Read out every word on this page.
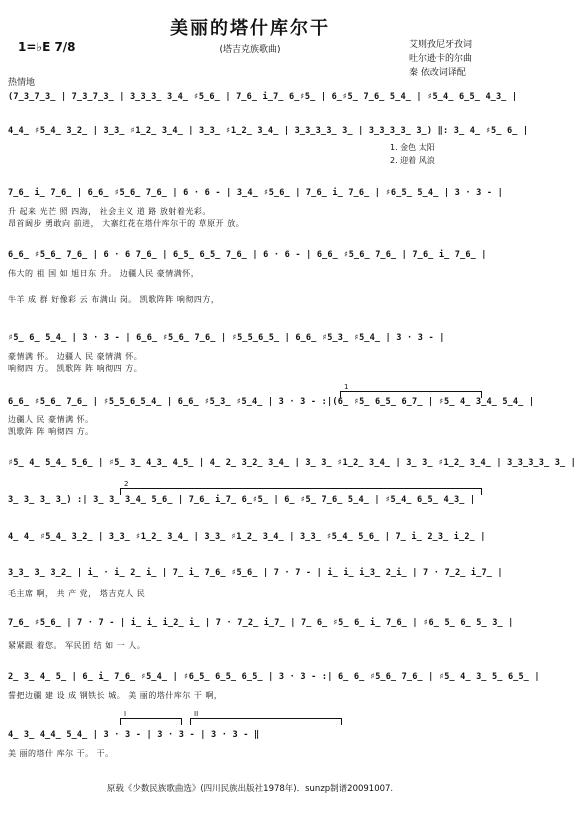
美丽的塔什库尔干
(塔吉克族歌曲)
1=♭E 7/8	艾则孜尼牙孜词
吐尔逊卡的尔曲
秦 依改词译配
热情地
(7̲3̲7̲3̲ | 7̲3̲7̲3̲ | 3̲3̲3̲ 3̲4̲ ♯5̲6̲ | 7̲6̲ i̲7̲ 6̲♯5̲ | 6̲♯5̲ 7̲6̲ 5̲4̲ | ♯5̲4̲ 6̲5̲ 4̲3̲ |
4̲4̲ ♯5̲4̲ 3̲2̲ | 3̲3̲ ♯1̲2̲ 3̲4̲ | 3̲3̲ ♯1̲2̲ 3̲4̲ | 3̲3̲3̲3̲ 3̲ | 3̲3̲3̲3̲ 3̲) ‖: 3̲ 4̲ ♯5̲ 6̲ |
1. 金色 太阳
2. 迎着 风浪
7̲6̲ i̲ 7̲6̲ | 6̲6̲ ♯5̲6̲ 7̲6̲ | 6 · 6 - | 3̲4̲ ♯5̲6̲ | 7̲6̲ i̲ 7̲6̲ | ♯6̲5̲ 5̲4̲ | 3 · 3 - |
升 起来 光芒 照 四海， 社会主义 道 路 放射着光彩。
昂首阔步 勇敢向 前进， 大寨红花在塔什库尔干的 草原开 放。
6̲6̲ ♯5̲6̲ 7̲6̲ | 6 · 6 7̲6̲ | 6̲5̲ 6̲5̲ 7̲6̲ | 6 · 6 - | 6̲6̲ ♯5̲6̲ 7̲6̲ | 7̲6̲ i̲ 7̲6̲ |
伟大的 祖 国 如 旭日东 升。 边疆人民 豪情满怀，
牛羊 成 群 好像彩 云 布满山 岗。 凯歌阵阵 响彻四方，
♯5̲ 6̲ 5̲4̲ | 3 · 3 - | 6̲6̲ ♯5̲6̲ 7̲6̲ | ♯5̲5̲6̲5̲ | 6̲6̲ ♯5̲3̲ ♯5̲4̲ | 3 · 3 - |
豪情满 怀。 边疆人 民 豪情满 怀。
响彻四 方。 凯歌阵 阵 响彻四 方。
1
6̲6̲ ♯5̲6̲ 7̲6̲ | ♯5̲5̲6̲5̲4̲ | 6̲6̲ ♯5̲3̲ ♯5̲4̲ | 3 · 3 - :|(6̲ ♯5̲ 6̲5̲ 6̲7̲ | ♯5̲ 4̲ 3̲4̲ 5̲4̲ |
边疆人 民 豪情满 怀。
凯歌阵 阵 响彻四 方。
♯5̲ 4̲ 5̲4̲ 5̲6̲ | ♯5̲ 3̲ 4̲3̲ 4̲5̲ | 4̲ 2̲ 3̲2̲ 3̲4̲ | 3̲ 3̲ ♯1̲2̲ 3̲4̲ | 3̲ 3̲ ♯1̲2̲ 3̲4̲ | 3̲3̲3̲3̲ 3̲ |
2
3̲ 3̲ 3̲ 3̲) :| 3̲ 3̲ 3̲4̲ 5̲6̲ | 7̲6̲ i̲7̲ 6̲♯5̲ | 6̲ ♯5̲ 7̲6̲ 5̲4̲ | ♯5̲4̲ 6̲5̲ 4̲3̲ |
4̲ 4̲ ♯5̲4̲ 3̲2̲ | 3̲3̲ ♯1̲2̲ 3̲4̲ | 3̲3̲ ♯1̲2̲ 3̲4̲ | 3̲3̲ ♯5̲4̲ 5̲6̲ | 7̲ i̲ 2̲3̲ i̲2̲ |
3̲3̲ 3̲ 3̲2̲ | i̲ · i̲ 2̲ i̲ | 7̲ i̲ 7̲6̲ ♯5̲6̲ | 7 · 7 - | i̲ i̲ i̲3̲ 2̲i̲ | 7 · 7̲2̲ i̲7̲ |
毛主席 啊， 共 产 党， 塔吉克人 民
7̲6̲ ♯5̲6̲ | 7 · 7 - | i̲ i̲ i̲2̲ i̲ | 7 · 7̲2̲ i̲7̲ | 7̲ 6̲ ♯5̲ 6̲ i̲ 7̲6̲ | ♯6̲ 5̲ 6̲ 5̲ 3̲ |
紧紧跟 着您。 军民团 结 如 一 人。
2̲ 3̲ 4̲ 5̲ | 6̲ i̲ 7̲6̲ ♯5̲4̲ | ♯6̲5̲ 6̲5̲ 6̲5̲ | 3 · 3 - :| 6̲ 6̲ ♯5̲6̲ 7̲6̲ | ♯5̲ 4̲ 3̲ 5̲ 6̲5̲ |
誓把边疆 建 设 成 钢铁长 城。 美 丽的塔什库尔 干 啊，
I	II
4̲ 3̲ 4̲4̲ 5̲4̲ | 3 · 3 - | 3 · 3 - | 3 · 3 - ‖
美 丽的塔什 库尔 干。 干。
原载《少数民族歌曲选》(四川民族出版社1978年)．sunzp制谱20091007.
